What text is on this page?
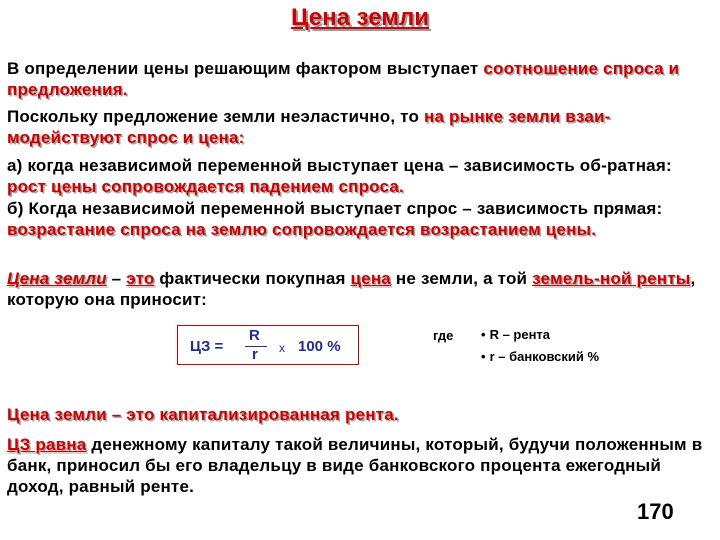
Цена земли
В определении цены решающим фактором выступает соотношение спроса и предложения.
Поскольку предложение земли неэластично, то на рынке земли взаи-модействуют спрос и цена:
а) когда независимой переменной выступает цена – зависимость об-ратная: рост цены сопровождается падением спроса.
б) Когда независимой переменной выступает спрос – зависимость прямая: возрастание спроса на землю сопровождается возрастанием цены.
Цена земли – это фактически покупная цена не земли, а той земель-ной ренты, которую она приносит:
ЦЗ =
R
r x 100 %
где
•	R – рента
• r – банковский %
Цена земли – это капитализированная рента.
ЦЗ равна денежному капиталу такой величины, который, будучи положенным в банк, приносил бы его владельцу в виде банковского процента ежегодный доход, равный ренте.
170
